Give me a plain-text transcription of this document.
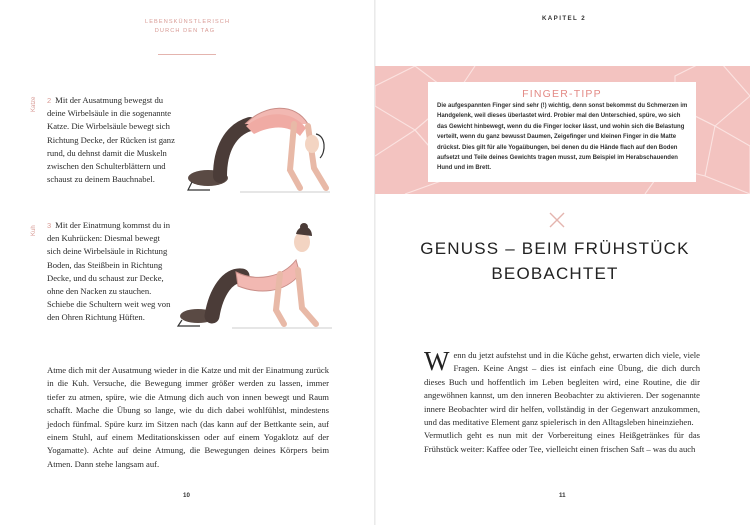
LEBENSKÜNSTLERISCH DURCH DEN TAG
Katze
Kuh
2 Mit der Ausatmung bewegst du deine Wirbelsäule in die sogenannte Katze. Die Wirbelsäule bewegt sich Richtung Decke, der Rücken ist ganz rund, du dehnst damit die Muskeln zwischen den Schulterblättern und schaust zu deinem Bauchnabel.
3 Mit der Einatmung kommst du in den Kuhrücken: Diesmal bewegt sich deine Wirbelsäule in Richtung Boden, das Steißbein in Richtung Decke, und du schaust zur Decke, ohne den Nacken zu stauchen. Schiebe die Schultern weit weg von den Ohren Richtung Hüften.
Atme dich mit der Ausatmung wieder in die Katze und mit der Einatmung zurück in die Kuh. Versuche, die Bewegung immer größer werden zu lassen, immer tiefer zu atmen, spüre, wie die Atmung dich auch von innen bewegt und Raum schafft. Mache die Übung so lange, wie du dich dabei wohlfühlst, mindestens jedoch fünfmal. Spüre kurz im Sitzen nach (das kann auf der Bettkante sein, auf einem Stuhl, auf einem Meditationskissen oder auf einem Yogaklotz auf der Yogamatte). Achte auf deine Atmung, die Bewegungen deines Körpers beim Atmen. Dann stehe langsam auf.
10
KAPITEL 2
FINGER-TIPP
Die aufgespannten Finger sind sehr (!) wichtig, denn sonst bekommst du Schmerzen im Handgelenk, weil dieses überlastet wird. Probier mal den Unterschied, spüre, wo sich das Gewicht hinbewegt, wenn du die Finger locker lässt, und wohin sich die Belastung verteilt, wenn du ganz bewusst Daumen, Zeigefinger und kleinen Finger in die Matte drückst. Dies gilt für alle Yogaübungen, bei denen du die Hände flach auf den Boden aufsetzt und Teile deines Gewichts tragen musst, zum Beispiel im Herabschauenden Hund und im Brett.
GENUSS – BEIM FRÜHSTÜCK
BEOBACHTET
Wenn du jetzt aufstehst und in die Küche gehst, erwarten dich viele, viele Fragen. Keine Angst – dies ist einfach eine Übung, die dich durch dieses Buch und hoffentlich im Leben begleiten wird, eine Routine, die dir angewöhnen kannst, um den inneren Beobachter zu aktivieren. Der sogenannte innere Beobachter wird dir helfen, vollständig in der Gegenwart anzukommen, und das meditative Element ganz spielerisch in den Alltagsleben hineinziehen.
Vermutlich geht es nun mit der Vorbereitung eines Heißgetränkes für das Frühstück weiter: Kaffee oder Tee, vielleicht einen frischen Saft – was du auch
11
